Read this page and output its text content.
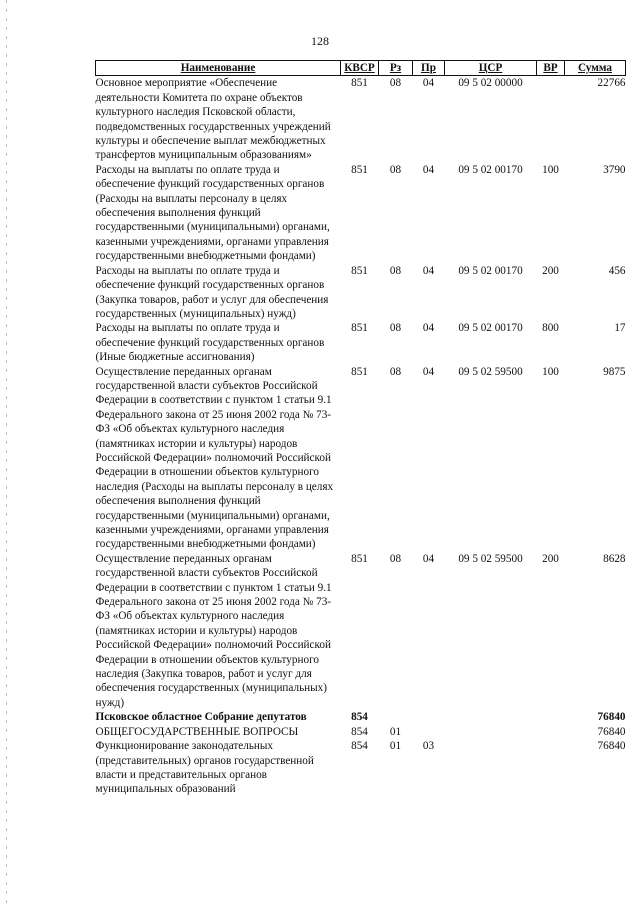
128
Наименование	КВСР	Рз	Пр	ЦСР	ВР	Сумма
Основное мероприятие «Обеспечение деятельности Комитета по охране объектов культурного наследия Псковской области, подведомственных государственных учреждений культуры и обеспечение выплат межбюджетных трансфертов муниципальным образованиям»	851	08	04	09 5 02 00000		22766
Расходы на выплаты по оплате труда и обеспечение функций государственных органов (Расходы на выплаты персоналу в целях обеспечения выполнения функций государственными (муниципальными) органами, казенными учреждениями, органами управления государственными внебюджетными фондами)	851	08	04	09 5 02 00170	100	3790
Расходы на выплаты по оплате труда и обеспечение функций государственных органов (Закупка товаров, работ и услуг для обеспечения государственных (муниципальных) нужд)	851	08	04	09 5 02 00170	200	456
Расходы на выплаты по оплате труда и обеспечение функций государственных органов (Иные бюджетные ассигнования)	851	08	04	09 5 02 00170	800	17
Осуществление переданных органам государственной власти субъектов Российской Федерации в соответствии с пунктом 1 статьи 9.1 Федерального закона от 25 июня 2002 года № 73-ФЗ «Об объектах культурного наследия (памятниках истории и культуры) народов Российской Федерации» полномочий Российской Федерации в отношении объектов культурного наследия (Расходы на выплаты персоналу в целях обеспечения выполнения функций государственными (муниципальными) органами, казенными учреждениями, органами управления государственными внебюджетными фондами)	851	08	04	09 5 02 59500	100	9875
Осуществление переданных органам государственной власти субъектов Российской Федерации в соответствии с пунктом 1 статьи 9.1 Федерального закона от 25 июня 2002 года № 73-ФЗ «Об объектах культурного наследия (памятниках истории и культуры) народов Российской Федерации» полномочий Российской Федерации в отношении объектов культурного наследия (Закупка товаров, работ и услуг для обеспечения государственных (муниципальных) нужд)	851	08	04	09 5 02 59500	200	8628
Псковское областное Собрание депутатов	854					76840
ОБЩЕГОСУДАРСТВЕННЫЕ ВОПРОСЫ	854	01				76840
Функционирование законодательных (представительных) органов государственной власти и представительных органов муниципальных образований	854	01	03			76840
